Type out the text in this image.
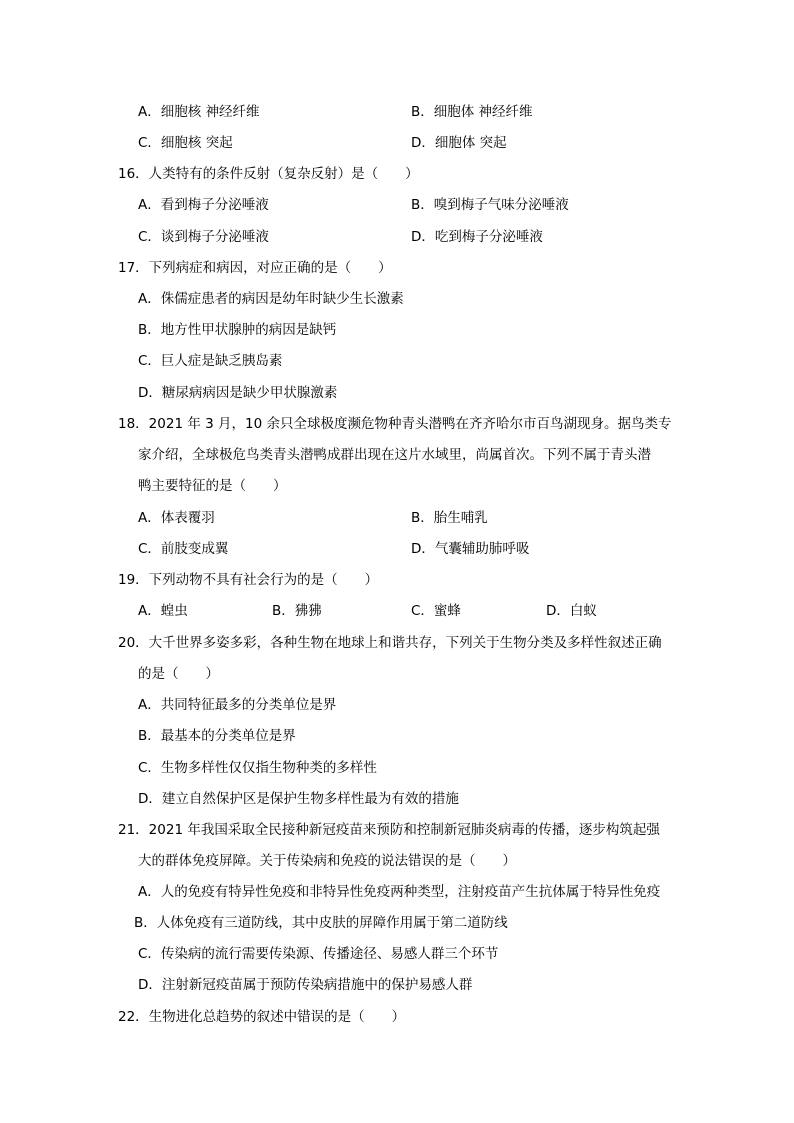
A．细胞核 神经纤维	B．细胞体 神经纤维
C．细胞核 突起	D．细胞体 突起
16．人类特有的条件反射（复杂反射）是（　　）
A．看到梅子分泌唾液	B．嗅到梅子气味分泌唾液
C．谈到梅子分泌唾液	D．吃到梅子分泌唾液
17．下列病症和病因，对应正确的是（　　）
A．侏儒症患者的病因是幼年时缺少生长激素
B．地方性甲状腺肿的病因是缺钙
C．巨人症是缺乏胰岛素
D．糖尿病病因是缺少甲状腺激素
18．2021 年 3 月，10 余只全球极度濒危物种青头潜鸭在齐齐哈尔市百鸟湖现身。据鸟类专
家介绍，全球极危鸟类青头潜鸭成群出现在这片水域里，尚属首次。下列不属于青头潜
鸭主要特征的是（　　）
A．体表覆羽	B．胎生哺乳
C．前肢变成翼	D．气囊辅助肺呼吸
19．下列动物不具有社会行为的是（　　）
A．蝗虫	B．狒狒	C．蜜蜂	D．白蚁
20．大千世界多姿多彩，各种生物在地球上和谐共存，下列关于生物分类及多样性叙述正确
的是（　　）
A．共同特征最多的分类单位是界
B．最基本的分类单位是界
C．生物多样性仅仅指生物种类的多样性
D．建立自然保护区是保护生物多样性最为有效的措施
21．2021 年我国采取全民接种新冠疫苗来预防和控制新冠肺炎病毒的传播，逐步构筑起强
大的群体免疫屏障。关于传染病和免疫的说法错误的是（　　）
A．人的免疫有特异性免疫和非特异性免疫两种类型，注射疫苗产生抗体属于特异性免疫
B．人体免疫有三道防线，其中皮肤的屏障作用属于第二道防线
C．传染病的流行需要传染源、传播途径、易感人群三个环节
D．注射新冠疫苗属于预防传染病措施中的保护易感人群
22．生物进化总趋势的叙述中错误的是（　　）
